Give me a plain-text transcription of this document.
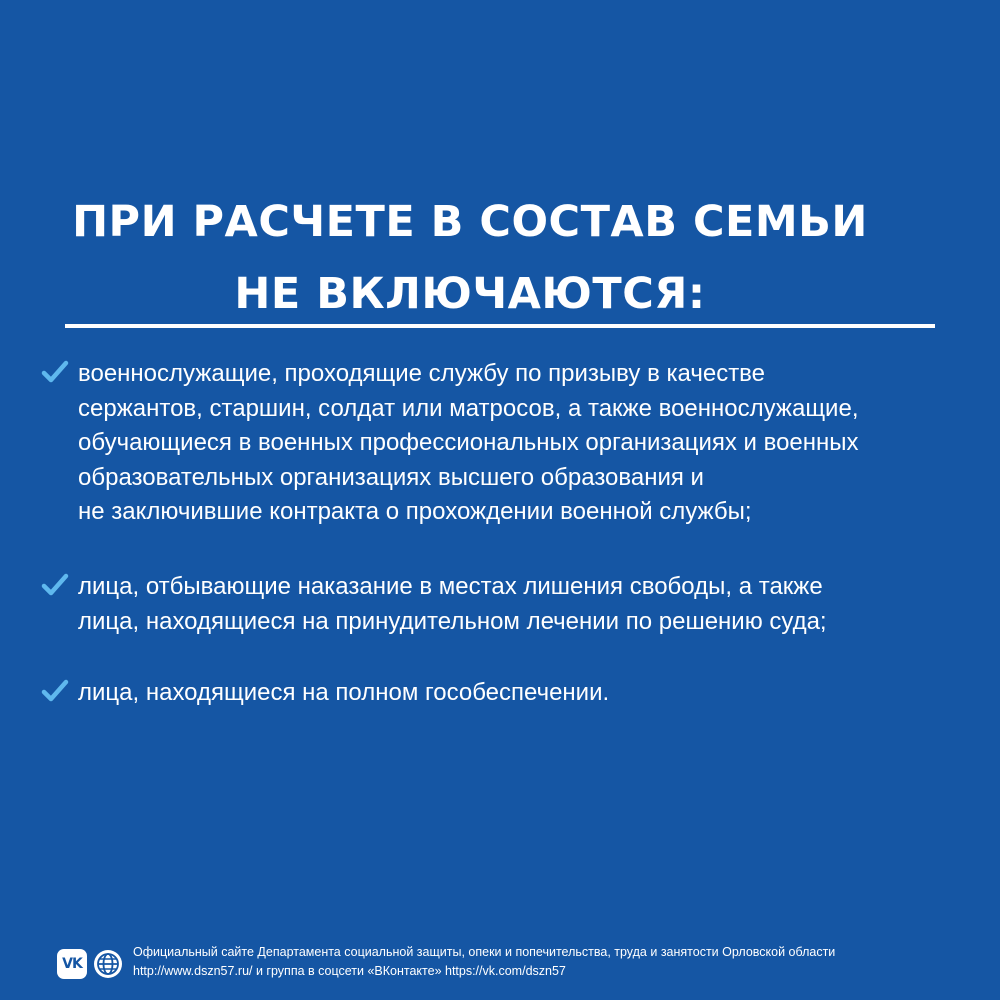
ПРИ РАСЧЕТЕ В СОСТАВ СЕМЬИ
НЕ ВКЛЮЧАЮТСЯ:
военнослужащие, проходящие службу по призыву в качестве
сержантов, старшин, солдат или матросов, а также военнослужащие,
обучающиеся в военных профессиональных организациях и военных
образовательных организациях высшего образования и
не заключившие контракта о прохождении военной службы;
лица, отбывающие наказание в местах лишения свободы, а также
лица, находящиеся на принудительном лечении по решению суда;
лица, находящиеся на полном гособеспечении.
VK
Официальный сайте Департамента социальной защиты, опеки и попечительства, труда и занятости Орловской области
http://www.dszn57.ru/ и группа в соцсети «ВКонтакте» https://vk.com/dszn57
